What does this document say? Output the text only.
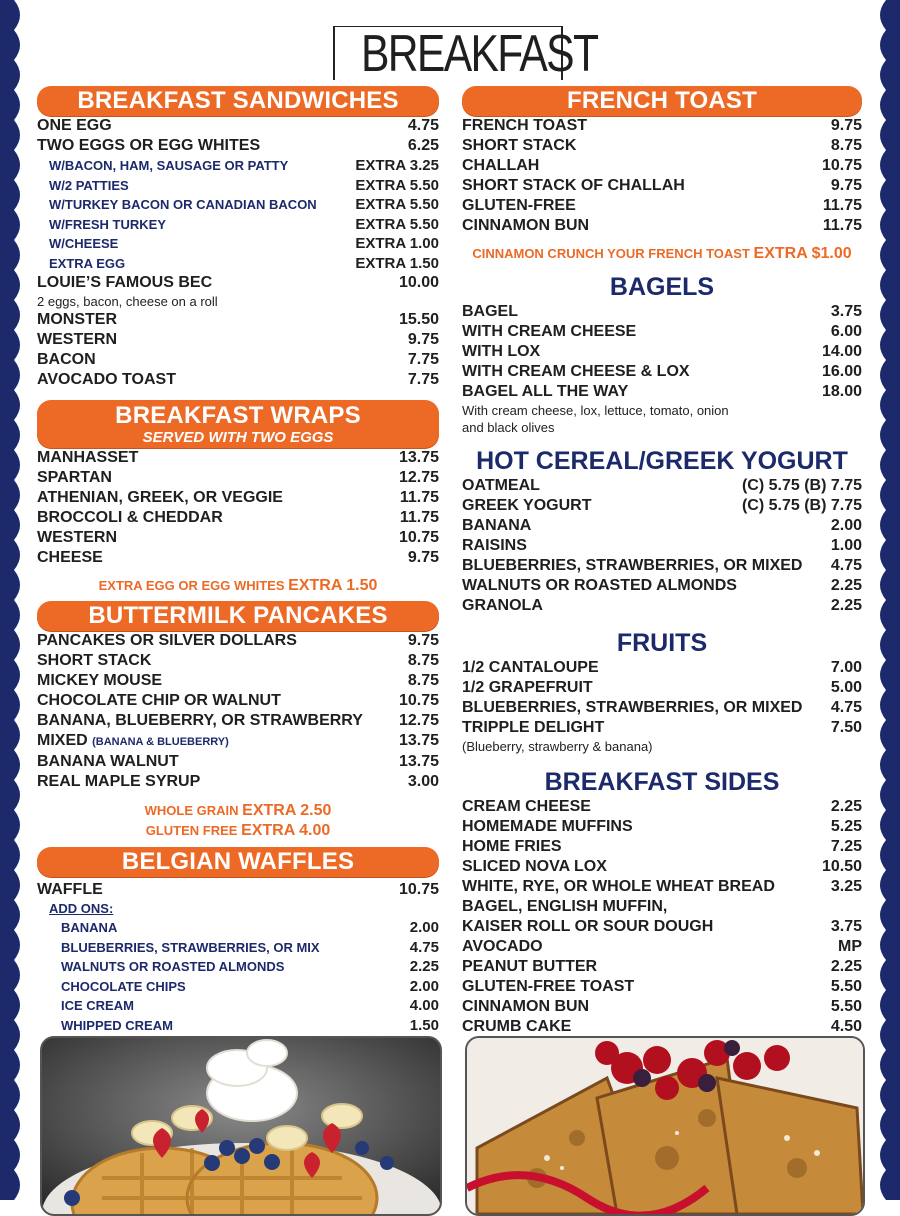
BREAKFAST
BREAKFAST SANDWICHES
ONE EGG	4.75
TWO EGGS OR EGG WHITES	6.25
W/BACON, HAM, SAUSAGE OR PATTY	EXTRA 3.25
W/2 PATTIES	EXTRA 5.50
W/TURKEY BACON OR CANADIAN BACON	EXTRA 5.50
W/FRESH TURKEY	EXTRA 5.50
W/CHEESE	EXTRA 1.00
EXTRA EGG	EXTRA 1.50
LOUIE’S FAMOUS BEC	10.00
2 eggs, bacon, cheese on a roll
MONSTER	15.50
WESTERN	9.75
BACON	7.75
AVOCADO TOAST	7.75
BREAKFAST WRAPS
SERVED WITH TWO EGGS
MANHASSET	13.75
SPARTAN	12.75
ATHENIAN, GREEK, OR VEGGIE	11.75
BROCCOLI & CHEDDAR	11.75
WESTERN	10.75
CHEESE	9.75
EXTRA EGG OR EGG WHITES EXTRA 1.50
BUTTERMILK PANCAKES
PANCAKES OR SILVER DOLLARS	9.75
SHORT STACK	8.75
MICKEY MOUSE	8.75
CHOCOLATE CHIP OR WALNUT	10.75
BANANA, BLUEBERRY, OR STRAWBERRY 12.75
MIXED (BANANA & BLUEBERRY)	13.75
BANANA WALNUT	13.75
REAL MAPLE SYRUP	3.00
WHOLE GRAIN EXTRA 2.50
GLUTEN FREE EXTRA 4.00
BELGIAN WAFFLES
WAFFLE	10.75
ADD ONS:
BANANA	2.00
BLUEBERRIES, STRAWBERRIES, OR MIX	4.75
WALNUTS OR ROASTED ALMONDS	2.25
CHOCOLATE CHIPS	2.00
ICE CREAM	4.00
WHIPPED CREAM	1.50
FRENCH TOAST
FRENCH TOAST	9.75
SHORT STACK	8.75
CHALLAH	10.75
SHORT STACK OF CHALLAH	9.75
GLUTEN-FREE	11.75
CINNAMON BUN	11.75
CINNAMON CRUNCH YOUR FRENCH TOAST EXTRA $1.00
BAGELS
BAGEL	3.75
WITH CREAM CHEESE	6.00
WITH LOX	14.00
WITH CREAM CHEESE & LOX	16.00
BAGEL ALL THE WAY	18.00
With cream cheese, lox, lettuce, tomato, onion
and black olives
HOT CEREAL/GREEK YOGURT
OATMEAL	(C) 5.75 (B) 7.75
GREEK YOGURT	(C) 5.75 (B) 7.75
BANANA	2.00
RAISINS	1.00
BLUEBERRIES, STRAWBERRIES, OR MIXED 4.75
WALNUTS OR ROASTED ALMONDS	2.25
GRANOLA	2.25
FRUITS
1/2 CANTALOUPE	7.00
1/2 GRAPEFRUIT	5.00
BLUEBERRIES, STRAWBERRIES, OR MIXED 4.75
TRIPPLE DELIGHT	7.50
(Blueberry, strawberry & banana)
BREAKFAST SIDES
CREAM CHEESE	2.25
HOMEMADE MUFFINS	5.25
HOME FRIES	7.25
SLICED NOVA LOX	10.50
WHITE, RYE, OR WHOLE WHEAT BREAD	3.25
BAGEL, ENGLISH MUFFIN,
KAISER ROLL OR SOUR DOUGH	3.75
AVOCADO	MP
PEANUT BUTTER	2.25
GLUTEN-FREE TOAST	5.50
CINNAMON BUN	5.50
CRUMB CAKE	4.50
